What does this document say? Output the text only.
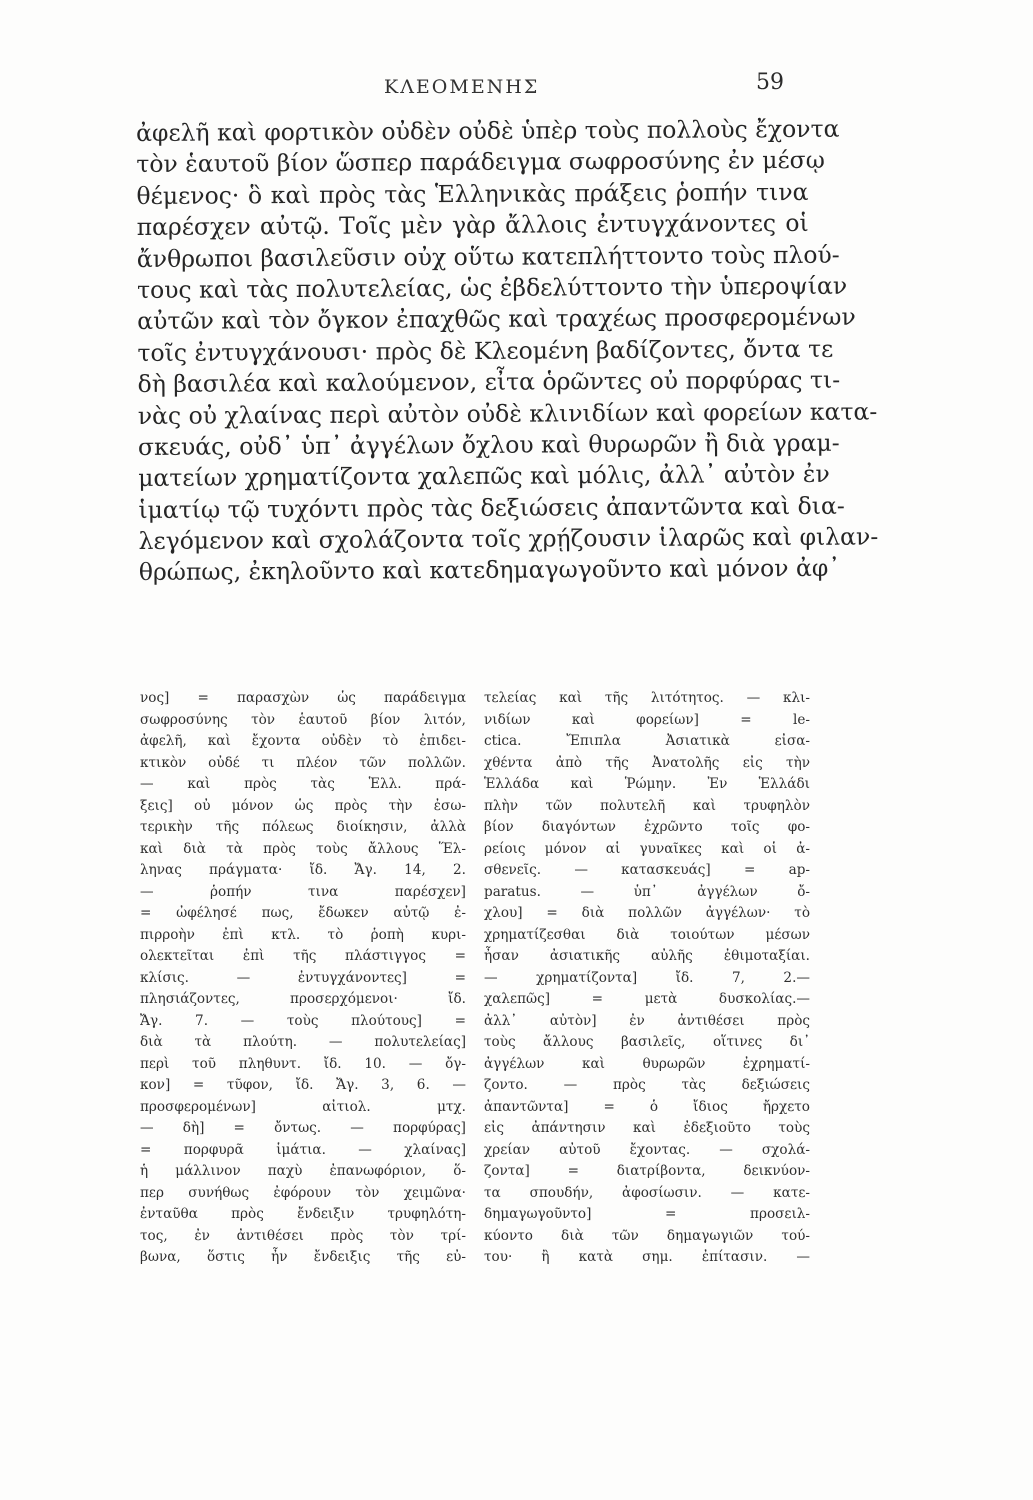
ΚΛΕΟΜΕΝΗΣ	59
ἀφελῆ καὶ φορτικὸν οὐδὲν οὐδὲ ὑπὲρ τοὺς πολλοὺς ἔχοντα
τὸν ἑαυτοῦ βίον ὥσπερ παράδειγμα σωφροσύνης ἐν μέσῳ
θέμενος· ὃ καὶ πρὸς τὰς Ἑλληνικὰς πράξεις ῥοπήν τινα
παρέσχεν αὐτῷ. Τοῖς μὲν γὰρ ἄλλοις ἐντυγχάνοντες οἱ
ἄνθρωποι βασιλεῦσιν οὐχ οὕτω κατεπλήττοντο τοὺς πλού-
τους καὶ τὰς πολυτελείας, ὡς ἐβδελύττοντο τὴν ὑπεροψίαν
αὐτῶν καὶ τὸν ὄγκον ἐπαχθῶς καὶ τραχέως προσφερομένων
τοῖς ἐντυγχάνουσι· πρὸς δὲ Κλεομένη βαδίζοντες, ὄντα τε
δὴ βασιλέα καὶ καλούμενον, εἶτα ὁρῶντες οὐ πορφύρας τι-
νὰς οὐ χλαίνας περὶ αὐτὸν οὐδὲ κλινιδίων καὶ φορείων κατα-
σκευάς, οὐδ᾽ ὑπ᾽ ἀγγέλων ὄχλου καὶ θυρωρῶν ἢ διὰ γραμ-
ματείων χρηματίζοντα χαλεπῶς καὶ μόλις, ἀλλ᾽ αὐτὸν ἐν
ἱματίῳ τῷ τυχόντι πρὸς τὰς δεξιώσεις ἀπαντῶντα καὶ δια-
λεγόμενον καὶ σχολάζοντα τοῖς χρῄζουσιν ἱλαρῶς καὶ φιλαν-
θρώπως, ἐκηλοῦντο καὶ κατεδημαγωγοῦντο καὶ μόνον ἀφ᾽
νος] = παρασχὼν ὡς παράδειγμα
σωφροσύνης τὸν ἑαυτοῦ βίον λιτόν,
ἀφελῆ, καὶ ἔχοντα οὐδὲν τὸ ἐπιδει-
κτικὸν οὐδέ τι πλέον τῶν πολλῶν.
— καὶ πρὸς τὰς Ἑλλ. πρά-
ξεις] οὐ μόνον ὡς πρὸς τὴν ἐσω-
τερικὴν τῆς πόλεως διοίκησιν, ἀλλὰ
καὶ διὰ τὰ πρὸς τοὺς ἄλλους Ἕλ-
ληνας πράγματα· ἴδ. Ἄγ. 14, 2.
— ῥοπήν τινα παρέσχεν]
= ὠφέλησέ πως, ἔδωκεν αὐτῷ ἐ-
πιρροὴν ἐπὶ κτλ. τὸ ῥοπὴ κυρι-
ολεκτεῖται ἐπὶ τῆς πλάστιγγος =
κλίσις. — ἐντυγχάνοντες] =
πλησιάζοντες, προσερχόμενοι· ἴδ.
Ἄγ. 7. — τοὺς πλούτους] =
διὰ τὰ πλούτη. — πολυτελείας]
περὶ τοῦ πληθυντ. ἴδ. 10. — ὄγ-
κον] = τῦφον, ἴδ. Ἄγ. 3, 6. —
προσφερομένων] αἰτιολ. μτχ.
— δὴ] = ὄντως. — πορφύρας]
= πορφυρᾶ ἱμάτια. — χλαίνας]
ἡ μάλλινον παχὺ ἐπανωφόριον, ὅ-
περ συνήθως ἐφόρουν τὸν χειμῶνα·
ἐνταῦθα πρὸς ἔνδειξιν τρυφηλότη-
τος, ἐν ἀντιθέσει πρὸς τὸν τρί-
βωνα, ὅστις ἦν ἔνδειξις τῆς εὐ-
τελείας καὶ τῆς λιτότητος. — κλι-
νιδίων καὶ φορείων] = le-
ctica. Ἔπιπλα Ἀσιατικὰ εἰσα-
χθέντα ἀπὸ τῆς Ἀνατολῆς εἰς τὴν
Ἑλλάδα καὶ Ῥώμην. Ἐν Ἑλλάδι
πλὴν τῶν πολυτελῆ καὶ τρυφηλὸν
βίον διαγόντων ἐχρῶντο τοῖς φο-
ρείοις μόνον αἱ γυναῖκες καὶ οἱ ἀ-
σθενεῖς. — κατασκευάς] = ap-
paratus. — ὑπ᾽ ἀγγέλων ὄ-
χλου] = διὰ πολλῶν ἀγγέλων· τὸ
χρηματίζεσθαι διὰ τοιούτων μέσων
ἦσαν ἀσιατικῆς αὐλῆς ἐθιμοταξίαι.
— χρηματίζοντα] ἴδ. 7, 2.—
χαλεπῶς] = μετὰ δυσκολίας.—
ἀλλ᾽ αὐτὸν] ἐν ἀντιθέσει πρὸς
τοὺς ἄλλους βασιλεῖς, οἵτινες δι᾽
ἀγγέλων καὶ θυρωρῶν ἐχρηματί-
ζοντο. — πρὸς τὰς δεξιώσεις
ἀπαντῶντα] = ὁ ἴδιος ἤρχετο
εἰς ἀπάντησιν καὶ ἐδεξιοῦτο τοὺς
χρείαν αὐτοῦ ἔχοντας. — σχολά-
ζοντα] = διατρίβοντα, δεικνύον-
τα σπουδήν, ἀφοσίωσιν. — κατε-
δημαγωγοῦντο] = προσειλ-
κύοντο διὰ τῶν δημαγωγιῶν τού-
του· ἢ κατὰ σημ. ἐπίτασιν. —
